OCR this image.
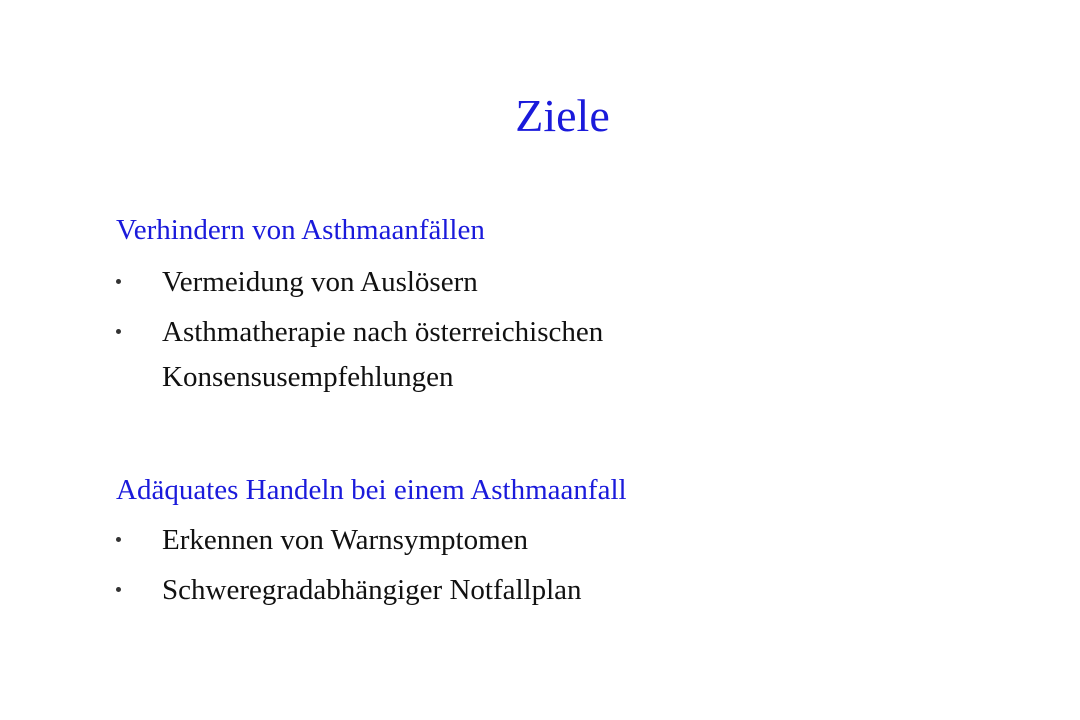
Ziele
Verhindern von Asthmaanfällen
Vermeidung von Auslösern
Asthmatherapie nach österreichischen
Konsensusempfehlungen
Adäquates Handeln bei einem Asthmaanfall
Erkennen von Warnsymptomen
Schweregradabhängiger Notfallplan
